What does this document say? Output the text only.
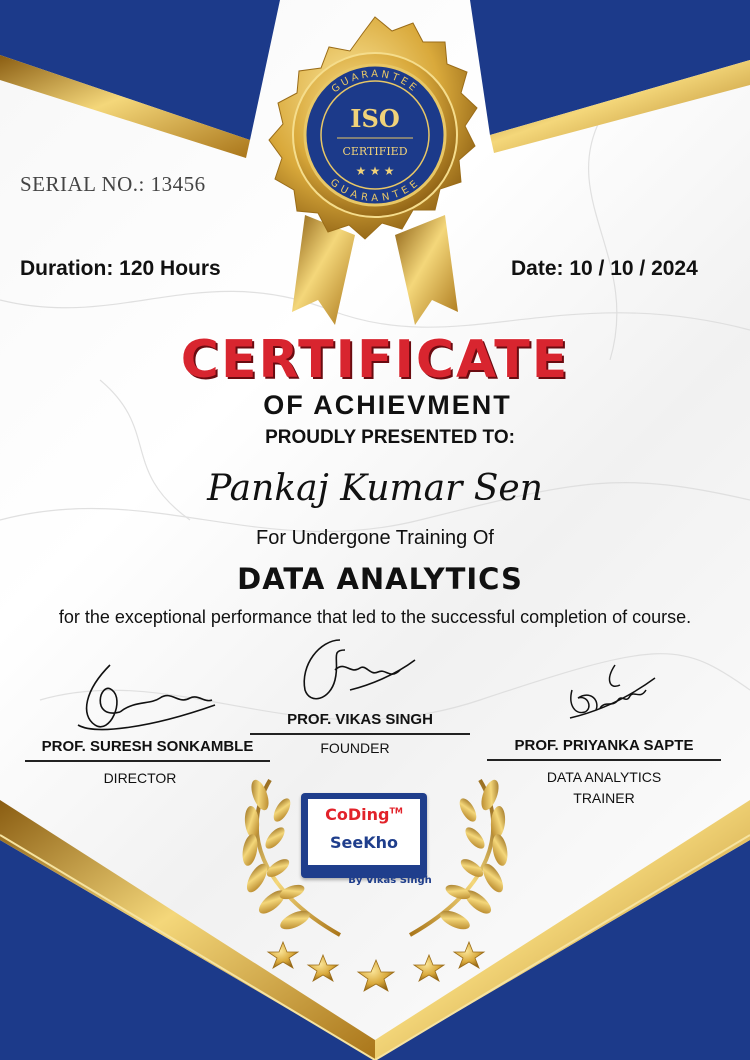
GUARANTEE
GUARANTEE
ISO
CERTIFIED
★ ★ ★
SERIAL NO.: 13456
Duration: 120 Hours	Date: 10 / 10 / 2024
CERTIFICATE
OF ACHIEVMENT
PROUDLY PRESENTED TO:
Pankaj Kumar Sen
For Undergone Training Of
DATA ANALYTICS
for the exceptional performance that led to the successful completion of course.
PROF. SURESH SONKAMBLE
DIRECTOR
PROF. VIKAS SINGH
FOUNDER	PROF. PRIYANKA SAPTE
DATA ANALYTICS
TRAINER
CoDing™
SeeKho
By Vikas Singh
